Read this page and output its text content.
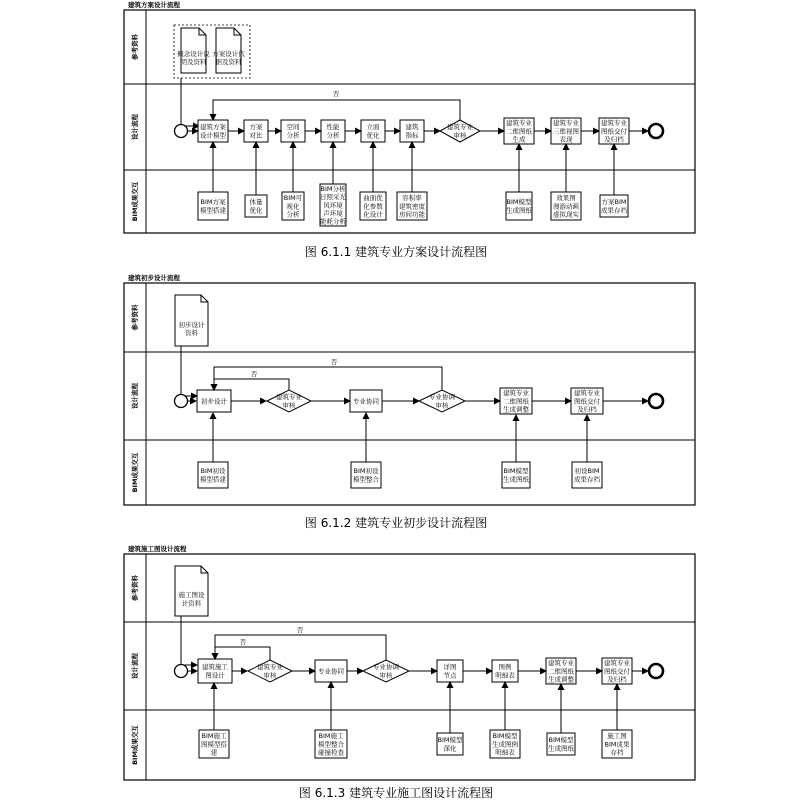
参考资料
设计流程
BIM成果交互
建筑方案设计流程
概念设计说明及资料
方案设计依据及资料
建筑方案设计模型
方案对比
空间分析
性能分析
立面优化
建筑指标
建筑专业审核
否
建筑专业二维图纸生成
建筑专业三维视图表现
建筑专业图纸交付及归档
BIM方案模型搭建
体量优化
BIM可视化分析
BIM分析日照采光风环境声环境能耗分析
曲面优化参数化设计
容积率建筑密度房间功能
BIM模型生成图纸
效果图漫游动画虚拟现实
方案BIM 成果存档
图 6.1.1 建筑专业方案设计流程图
参考资料
设计流程
BIM成果交互
建筑初步设计流程
初步设计资料
初步设计
建筑专业审核
否
专业协同
专业协调审核
否
建筑专业二维图纸生成调整
建筑专业图纸交付及归档
BIM初设模型搭建
BIM初设模型整合
BIM模型生成图纸
初设BIM 成果存档
图 6.1.2 建筑专业初步设计流程图
参考资料
设计流程
BIM成果交互
建筑施工图设计流程
施工图设计资料
建筑施工图设计
建筑专业审核
否
专业协同
专业协调审核
否
详图节点
图例明细表
建筑专业二维图纸生成调整
建筑专业图纸交付及归档
BIM施工图模型搭建
BIM施工模型整合碰撞检查
BIM模型深化
BIM模型生成图例明细表
BIM模型生成图纸
施工图 BIM成果存档
图 6.1.3 建筑专业施工图设计流程图
